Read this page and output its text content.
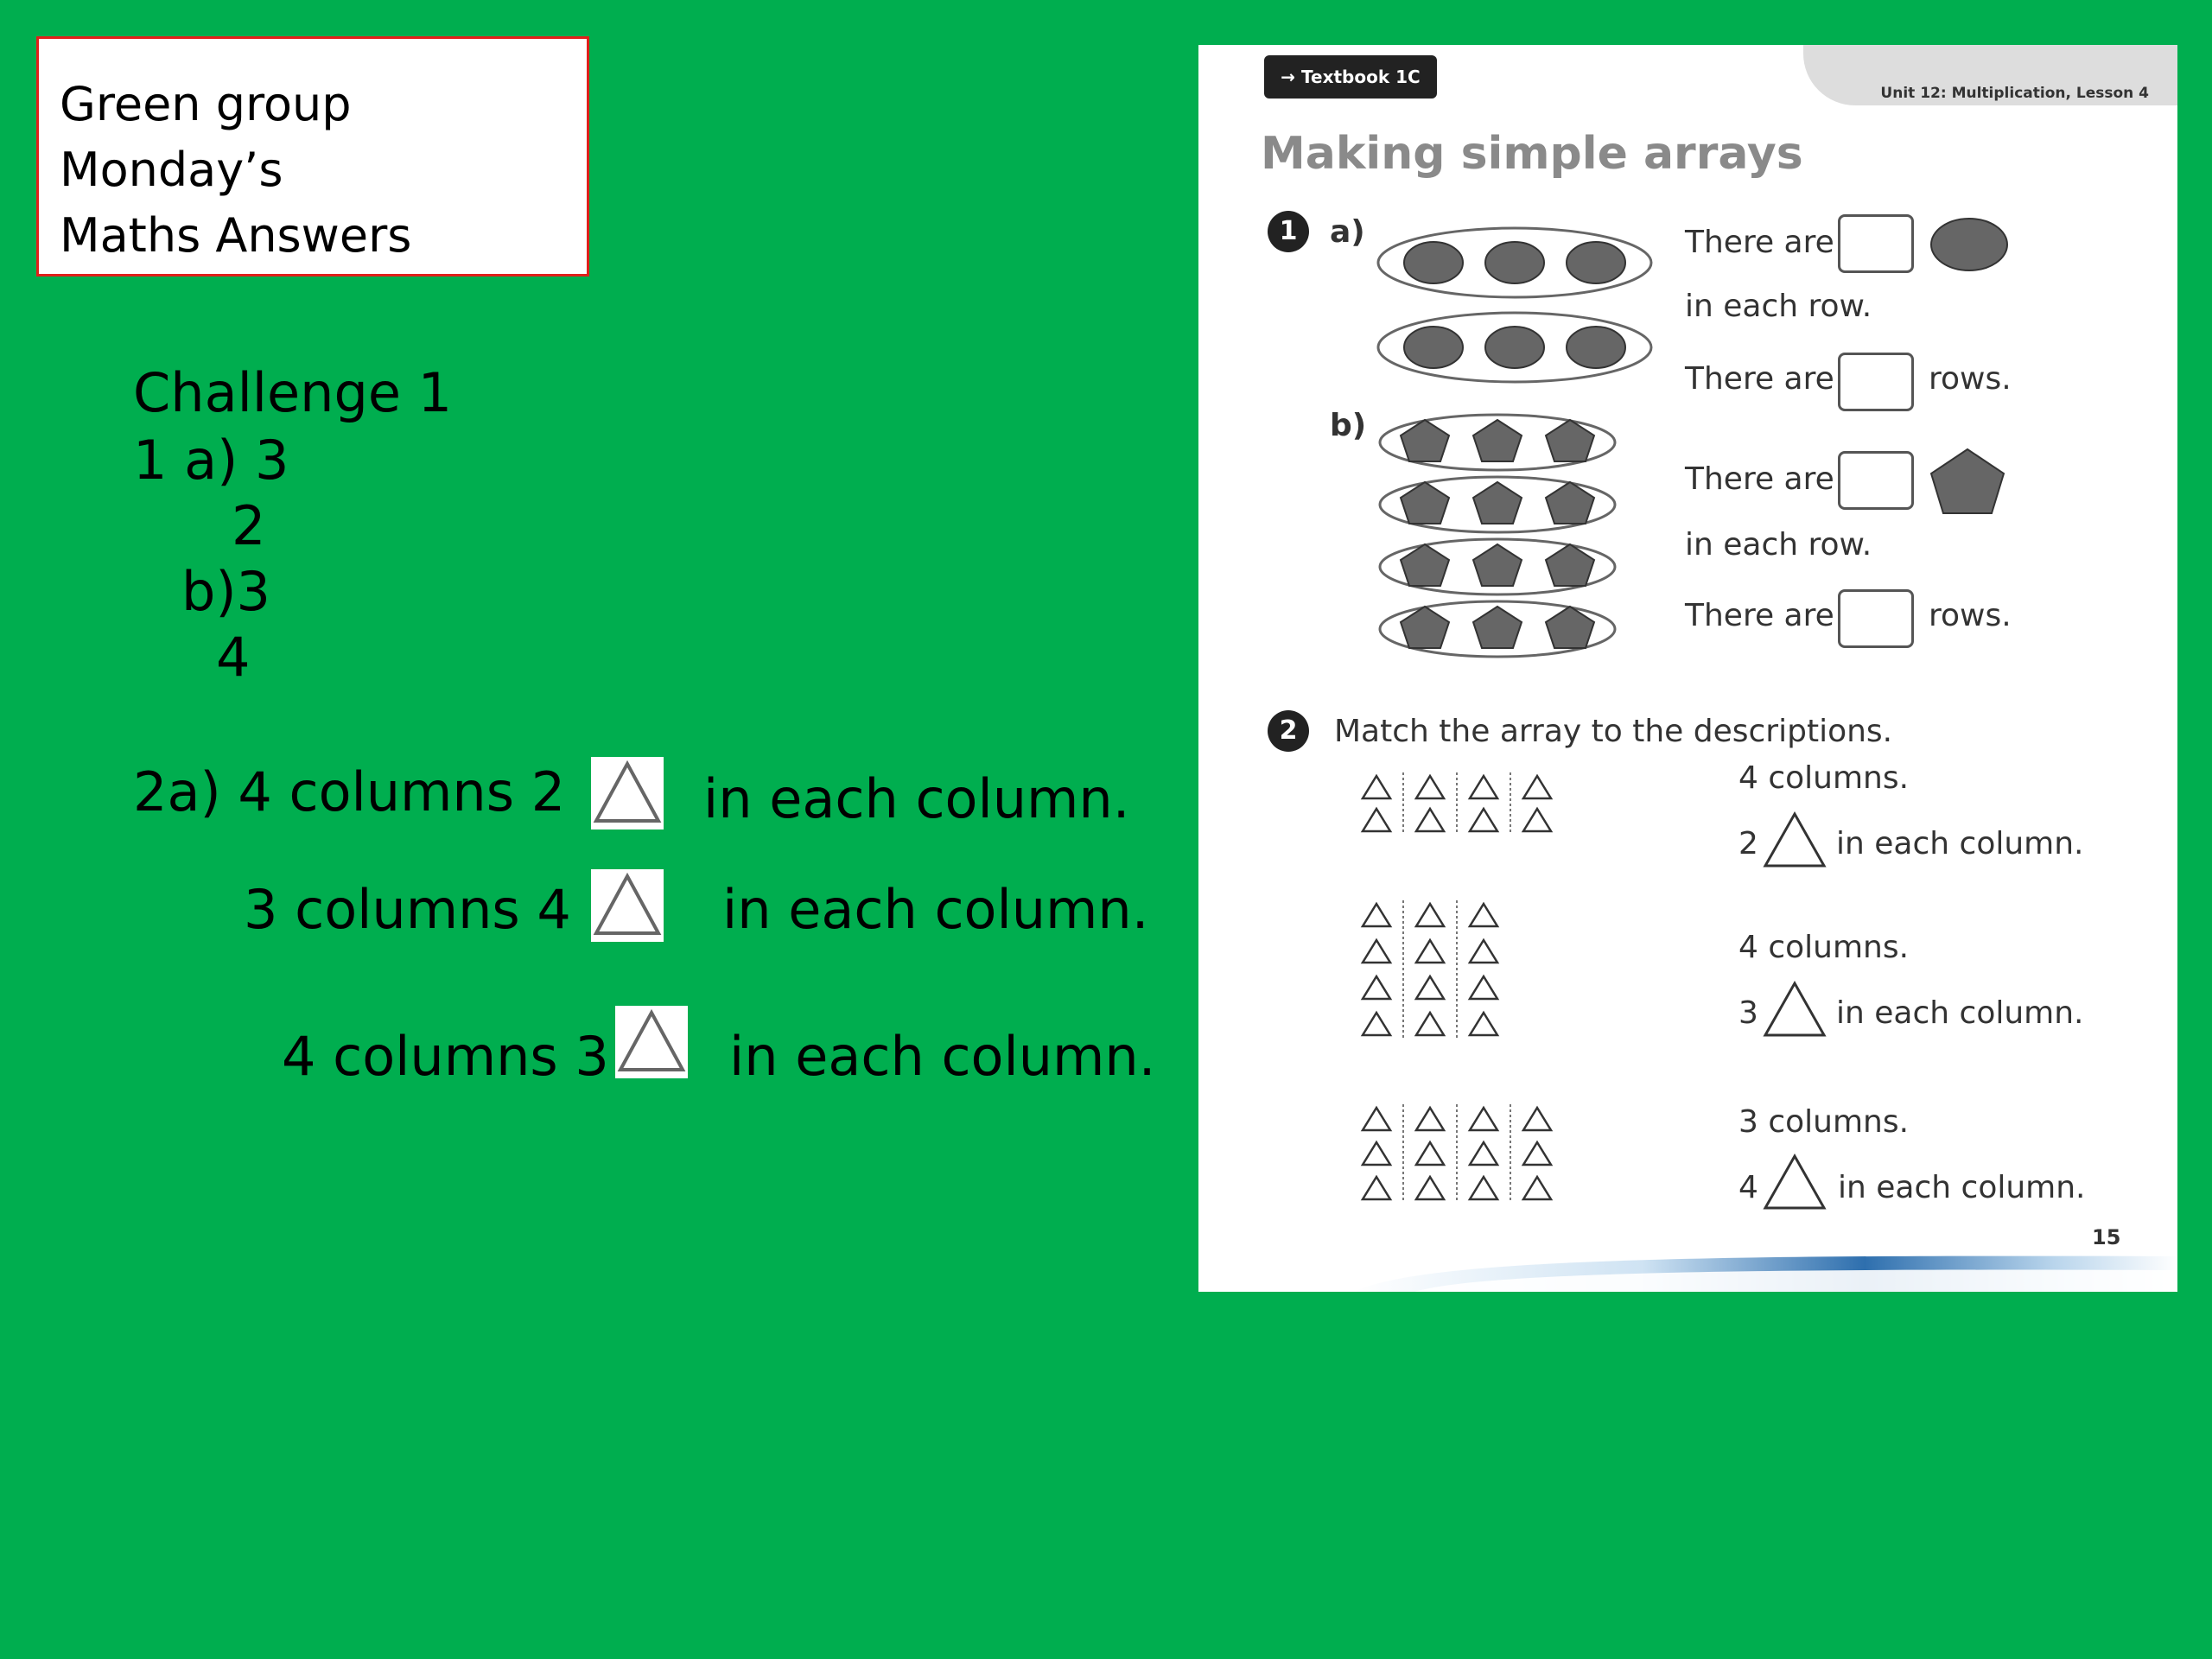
Green group
Monday’s
Maths Answers
Challenge 1
1 a) 3
2
b)3
4
2a) 4 columns 2	in each column.
3 columns 4	in each column.
4 columns 3 in each column.
→ Textbook 1C p20
Unit 12: Multiplication, Lesson 4
Making simple arrays
1	a)	There are
in each row.
There are	rows.
b)
There are
in each row.
There are	rows.
2	Match the array to the descriptions.
4 columns.
2	in each column.
4 columns.
3	in each column.
3 columns.
4	in each column.
15
